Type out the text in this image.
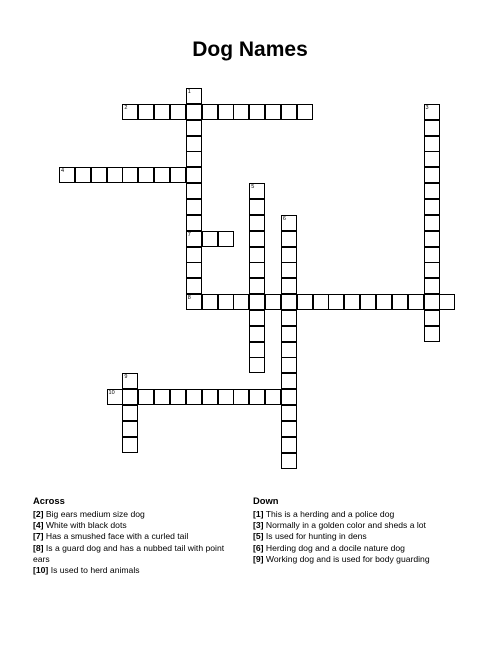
Dog Names
1
7
8
2	3
4
5
6
9
10
Across

[2] Big ears medium size dog

[4] White with black dots

[7] Has a smushed face with a curled tail

[8] Is a guard dog and has a nubbed tail with point ears

[10] Is used to herd animals

Down

[1] This is a herding and a police dog

[3] Normally in a golden color and sheds a lot

[5] Is used for hunting in dens

[6] Herding dog and a docile nature dog

[9] Working dog and is used for body guarding
